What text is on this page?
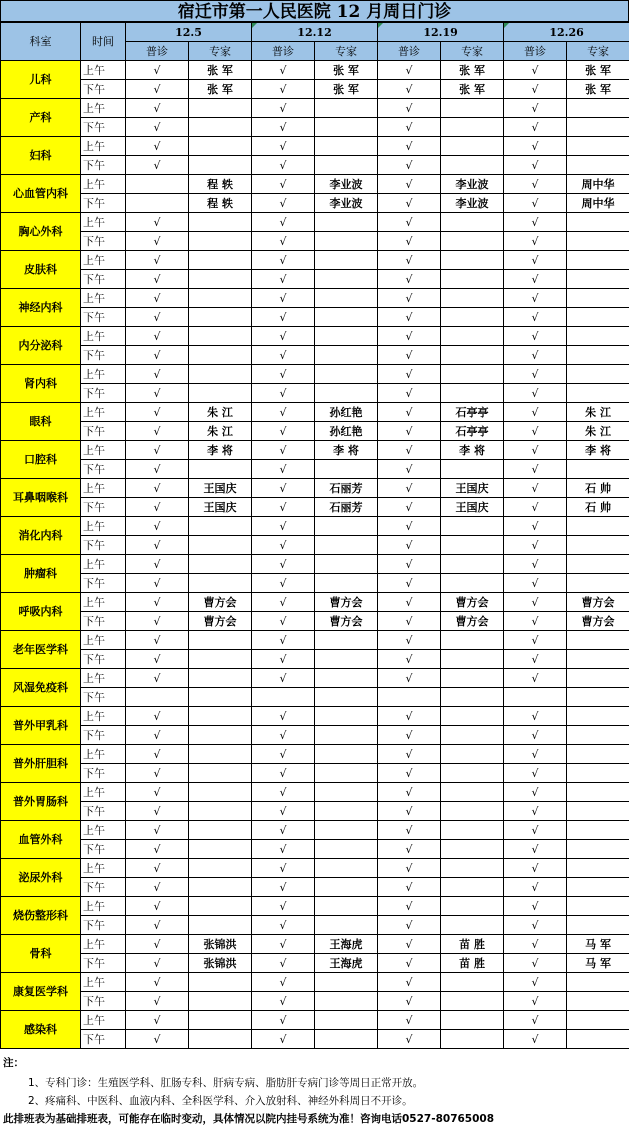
宿迁市第一人民医院 12 月周日门诊
科室	时间	12.5		12.12		12.19		12.26	
		普诊	专家	普诊	专家	普诊	专家	普诊	专家
儿科	上午	√	张 军	√	张 军	√	张 军	√	张 军
	下午	√	张 军	√	张 军	√	张 军	√	张 军
产科	上午	√		√		√		√	
	下午	√		√		√		√	
妇科	上午	√		√		√		√	
	下午	√		√		√		√	
心血管内科	上午		程 轶	√	李业波	√	李业波	√	周中华
	下午		程 轶	√	李业波	√	李业波	√	周中华
胸心外科	上午	√		√		√		√	
	下午	√		√		√		√	
皮肤科	上午	√		√		√		√	
	下午	√		√		√		√	
神经内科	上午	√		√		√		√	
	下午	√		√		√		√	
内分泌科	上午	√		√		√		√	
	下午	√		√		√		√	
肾内科	上午	√		√		√		√	
	下午	√		√		√		√	
眼科	上午	√	朱 江	√	孙红艳	√	石亭亭	√	朱 江
	下午	√	朱 江	√	孙红艳	√	石亭亭	√	朱 江
口腔科	上午	√	李 将	√	李 将	√	李 将	√	李 将
	下午	√		√		√		√	
耳鼻咽喉科	上午	√	王国庆	√	石丽芳	√	王国庆	√	石 帅
	下午	√	王国庆	√	石丽芳	√	王国庆	√	石 帅
消化内科	上午	√		√		√		√	
	下午	√		√		√		√	
肿瘤科	上午	√		√		√		√	
	下午	√		√		√		√	
呼吸内科	上午	√	曹方会	√	曹方会	√	曹方会	√	曹方会
	下午	√	曹方会	√	曹方会	√	曹方会	√	曹方会
老年医学科	上午	√		√		√		√	
	下午	√		√		√		√	
风湿免疫科	上午	√		√		√		√	
	下午								
普外甲乳科	上午	√		√		√		√	
	下午	√		√		√		√	
普外肝胆科	上午	√		√		√		√	
	下午	√		√		√		√	
普外胃肠科	上午	√		√		√		√	
	下午	√		√		√		√	
血管外科	上午	√		√		√		√	
	下午	√		√		√		√	
泌尿外科	上午	√		√		√		√	
	下午	√		√		√		√	
烧伤整形科	上午	√		√		√		√	
	下午	√		√		√		√	
骨科	上午	√	张锦洪	√	王海虎	√	苗 胜	√	马 军
	下午	√	张锦洪	√	王海虎	√	苗 胜	√	马 军
康复医学科	上午	√		√		√		√	
	下午	√		√		√		√	
感染科	上午	√		√		√		√	
	下午	√		√		√		√	
注：
1、专科门诊：生殖医学科、肛肠专科、肝病专病、脂肪肝专病门诊等周日正常开放。
2、疼痛科、中医科、血液内科、全科医学科、介入放射科、神经外科周日不开诊。
此排班表为基础排班表，可能存在临时变动，具体情况以院内挂号系统为准！咨询电话0527-80765008
